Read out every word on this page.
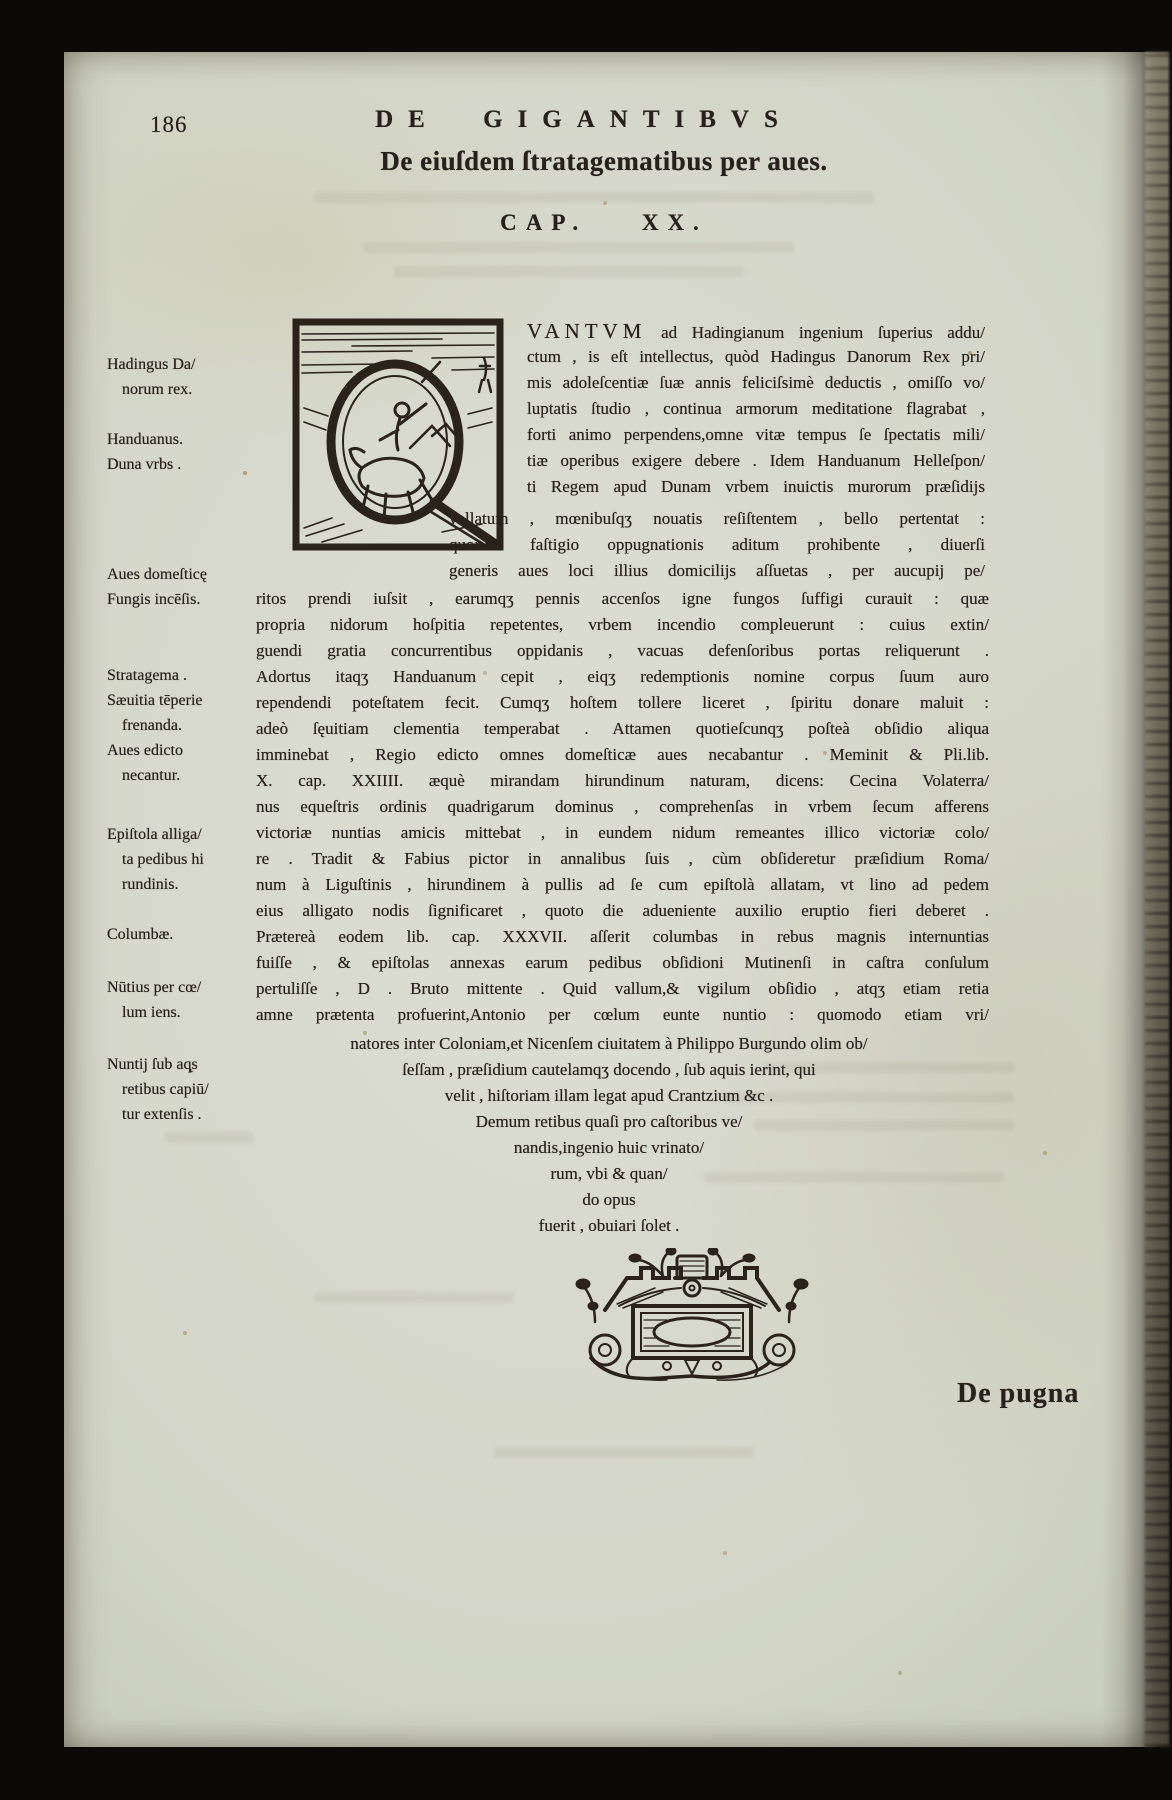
186	DE GIGANTIBVS
De eiuſdem ſtratagematibus per aues.
CAP. XX.
Hadingus Da/
norum rex.
Handuanus.
Duna vrbs .
Aues domeſticę
Fungis incēſis.
Stratagema .
Sæuitia tēperie
frenanda.
Aues edicto
necantur.
Epiſtola alliga/
ta pedibus hi
rundinis.
Columbæ.
Nūtius per cœ/
lum iens.
Nuntij ſub aq̨s
retibus capiū/
tur extenſis .
VANTVM ad Hadingianum ingenium ſuperius addu/
ctum , is eſt intellectus, quòd Hadingus Danorum Rex pri/
mis adoleſcentiæ ſuæ annis feliciſsimè deductis , omiſſo vo/
luptatis ſtudio , continua armorum meditatione flagrabat ,
forti animo perpendens,omne vitæ tempus ſe ſpectatis mili/
tiæ operibus exigere debere . Idem Handuanum Helleſpon/
ti Regem apud Dunam vrbem inuictis murorum præſidijs
vallatum , mœnibuſqʒ nouatis reſiſtentem , bello pertentat :
quorum faſtigio oppugnationis aditum prohibente , diuerſi
generis aues loci illius domicilijs aſſuetas , per aucupij pe/
ritos prendi iuſsit , earumqʒ pennis accenſos igne fungos ſuffigi curauit : quæ
propria nidorum hoſpitia repetentes, vrbem incendio compleuerunt : cuius extin/
guendi gratia concurrentibus oppidanis , vacuas defenſoribus portas reliquerunt .
Adortus itaqʒ Handuanum cepit , eiqʒ redemptionis nomine corpus ſuum auro
rependendi poteſtatem fecit. Cumqʒ hoſtem tollere liceret , ſpiritu donare maluit :
adeò ſęuitiam clementia temperabat . Attamen quotieſcunqʒ poſteà obſidio aliqua
imminebat , Regio edicto omnes domeſticæ aues necabantur . Meminit & Pli.lib.
X. cap. XXIIII. æquè mirandam hirundinum naturam, dicens: Cecina Volaterra/
nus equeſtris ordinis quadrigarum dominus , comprehenſas in vrbem ſecum afferens
victoriæ nuntias amicis mittebat , in eundem nidum remeantes illico victoriæ colo/
re . Tradit & Fabius pictor in annalibus ſuis , cùm obſideretur præſidium Roma/
num à Liguſtinis , hirundinem à pullis ad ſe cum epiſtolà allatam, vt lino ad pedem
eius alligato nodis ſignificaret , quoto die adueniente auxilio eruptio fieri deberet .
Prætereà eodem lib. cap. XXXVII. aſſerit columbas in rebus magnis internuntias
fuiſſe , & epiſtolas annexas earum pedibus obſidioni Mutinenſi in caſtra conſulum
pertuliſſe , D . Bruto mittente . Quid vallum,& vigilum obſidio , atqʒ etiam retia
amne prætenta profuerint,Antonio per cœlum eunte nuntio : quomodo etiam vri/
natores inter Coloniam,et Nicenſem ciuitatem à Philippo Burgundo olim ob/
ſeſſam , præſidium cautelamqʒ docendo , ſub aquis ierint, qui
velit , hiſtoriam illam legat apud Crantzium &c .
Demum retibus quaſi pro caſtoribus ve/
nandis,ingenio huic vrinato/
rum, vbi & quan/
do opus
fuerit , obuiari ſolet .
De pugna
